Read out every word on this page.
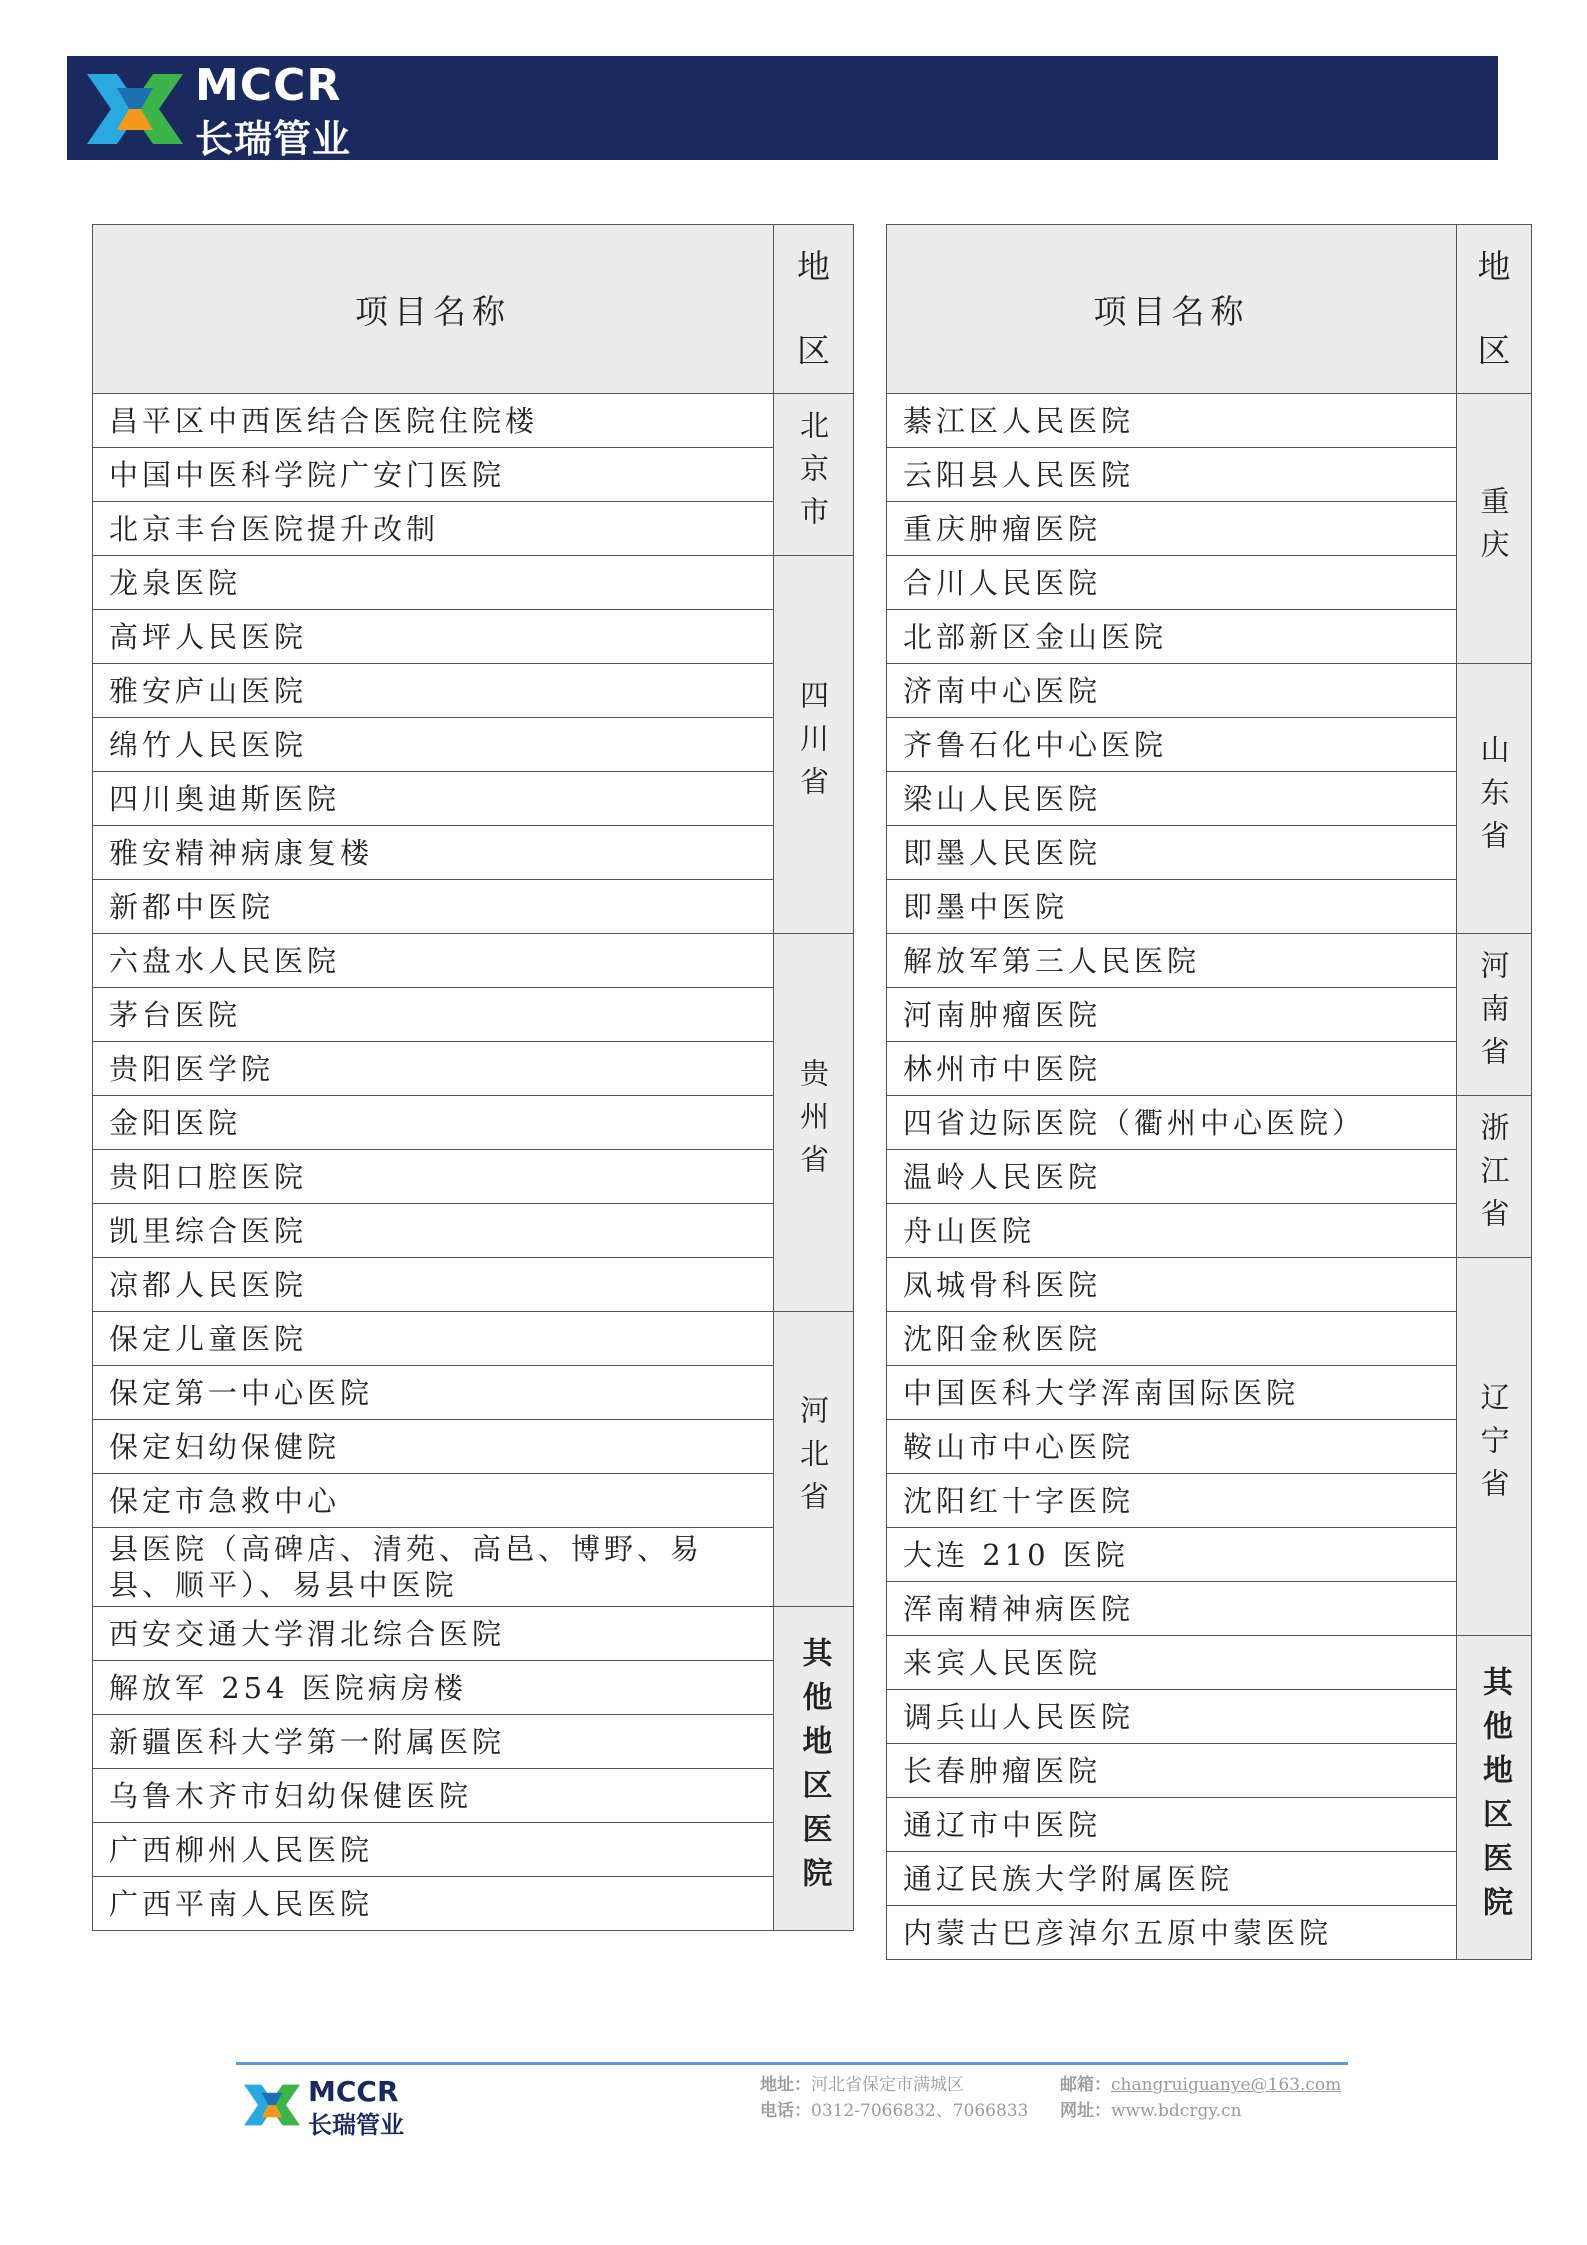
MCCR
长瑞管业
项目名称	地
区
昌平区中西医结合医院住院楼	北京市
中国中医科学院广安门医院	
北京丰台医院提升改制	
龙泉医院	四川省
高坪人民医院	
雅安庐山医院	
绵竹人民医院	
四川奥迪斯医院	
雅安精神病康复楼	
新都中医院	
六盘水人民医院	贵州省
茅台医院	
贵阳医学院	
金阳医院	
贵阳口腔医院	
凯里综合医院	
凉都人民医院	
保定儿童医院	河北省
保定第一中心医院	
保定妇幼保健院	
保定市急救中心	
县医院（高碑店、清苑、高邑、博野、易县、顺平）、易县中医院	
西安交通大学渭北综合医院	其他地区医院
解放军 254 医院病房楼	
新疆医科大学第一附属医院	
乌鲁木齐市妇幼保健医院	
广西柳州人民医院	
广西平南人民医院	
项目名称	地
区
綦江区人民医院	重庆
云阳县人民医院	
重庆肿瘤医院	
合川人民医院	
北部新区金山医院	
济南中心医院	山东省
齐鲁石化中心医院	
梁山人民医院	
即墨人民医院	
即墨中医院	
解放军第三人民医院	河南省
河南肿瘤医院	
林州市中医院	
四省边际医院（衢州中心医院）	浙江省
温岭人民医院	
舟山医院	
凤城骨科医院	辽宁省
沈阳金秋医院	
中国医科大学浑南国际医院	
鞍山市中心医院	
沈阳红十字医院	
大连 210 医院	
浑南精神病医院	
来宾人民医院	其他地区医院
调兵山人民医院	
长春肿瘤医院	
通辽市中医院	
通辽民族大学附属医院	
内蒙古巴彦淖尔五原中蒙医院	
MCCR
长瑞管业
地址：河北省保定市满城区
电话：0312-7066832、7066833
邮箱：changruiguanye@163.com
网址：www.bdcrgy.cn
